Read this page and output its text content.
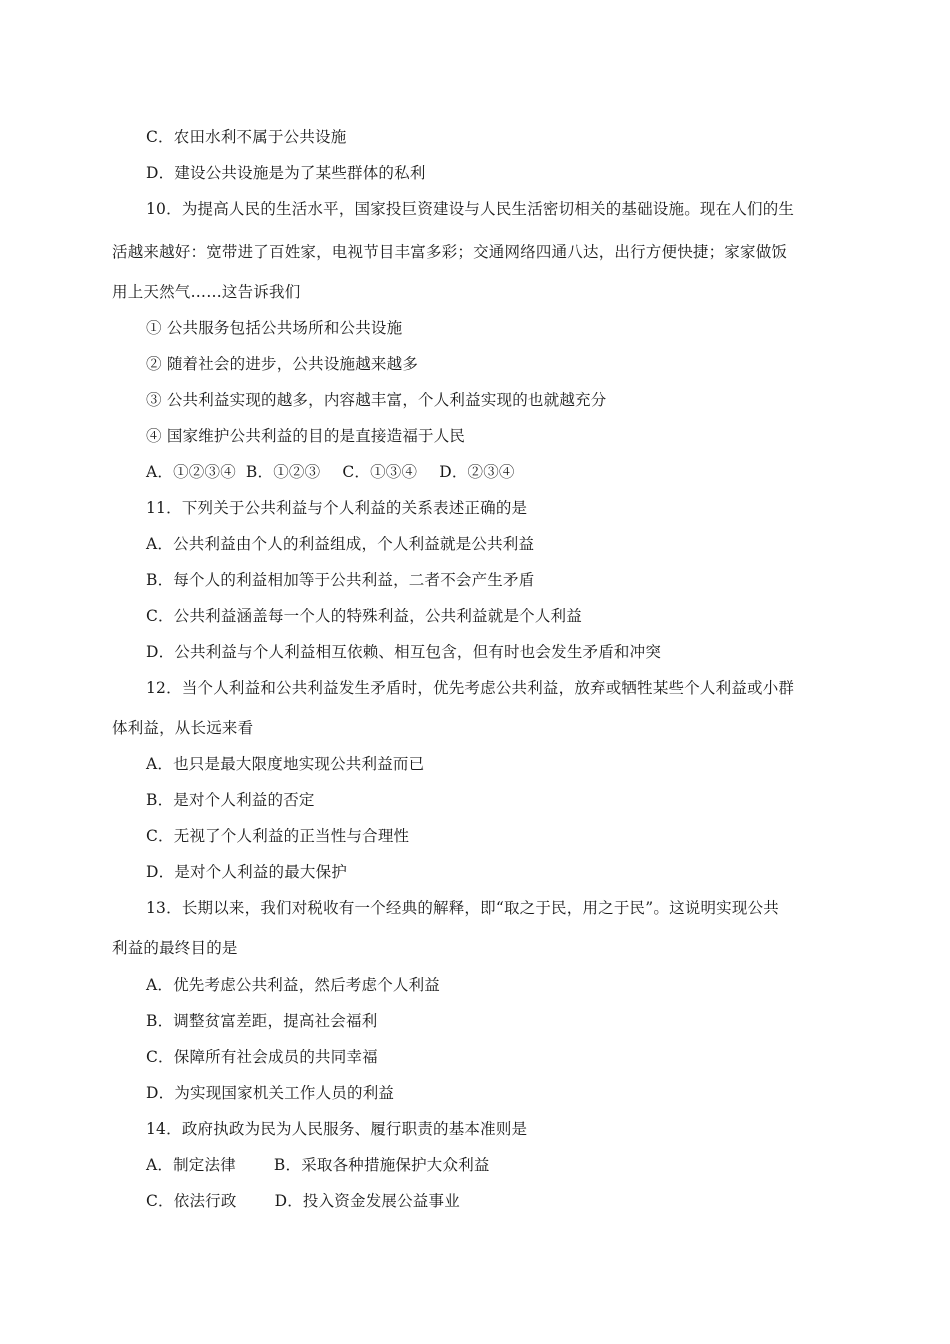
C．农田水利不属于公共设施
D．建设公共设施是为了某些群体的私利
10．为提高人民的生活水平，国家投巨资建设与人民生活密切相关的基础设施。现在人们的生
活越来越好：宽带进了百姓家，电视节目丰富多彩；交通网络四通八达，出行方便快捷；家家做饭
用上天然气……这告诉我们
① 公共服务包括公共场所和公共设施
② 随着社会的进步，公共设施越来越多
③ 公共利益实现的越多，内容越丰富，个人利益实现的也就越充分
④ 国家维护公共利益的目的是直接造福于人民
A．①②③④ B．①②③ C．①③④ D．②③④
11．下列关于公共利益与个人利益的关系表述正确的是
A．公共利益由个人的利益组成，个人利益就是公共利益
B．每个人的利益相加等于公共利益，二者不会产生矛盾
C．公共利益涵盖每一个人的特殊利益，公共利益就是个人利益
D．公共利益与个人利益相互依赖、相互包含，但有时也会发生矛盾和冲突
12．当个人利益和公共利益发生矛盾时，优先考虑公共利益，放弃或牺牲某些个人利益或小群
体利益，从长远来看
A．也只是最大限度地实现公共利益而已
B．是对个人利益的否定
C．无视了个人利益的正当性与合理性
D．是对个人利益的最大保护
13．长期以来，我们对税收有一个经典的解释，即“取之于民，用之于民”。这说明实现公共
利益的最终目的是
A．优先考虑公共利益，然后考虑个人利益
B．调整贫富差距，提高社会福利
C．保障所有社会成员的共同幸福
D．为实现国家机关工作人员的利益
14．政府执政为民为人民服务、履行职责的基本准则是
A．制定法律 B．采取各种措施保护大众利益
C．依法行政 D．投入资金发展公益事业
